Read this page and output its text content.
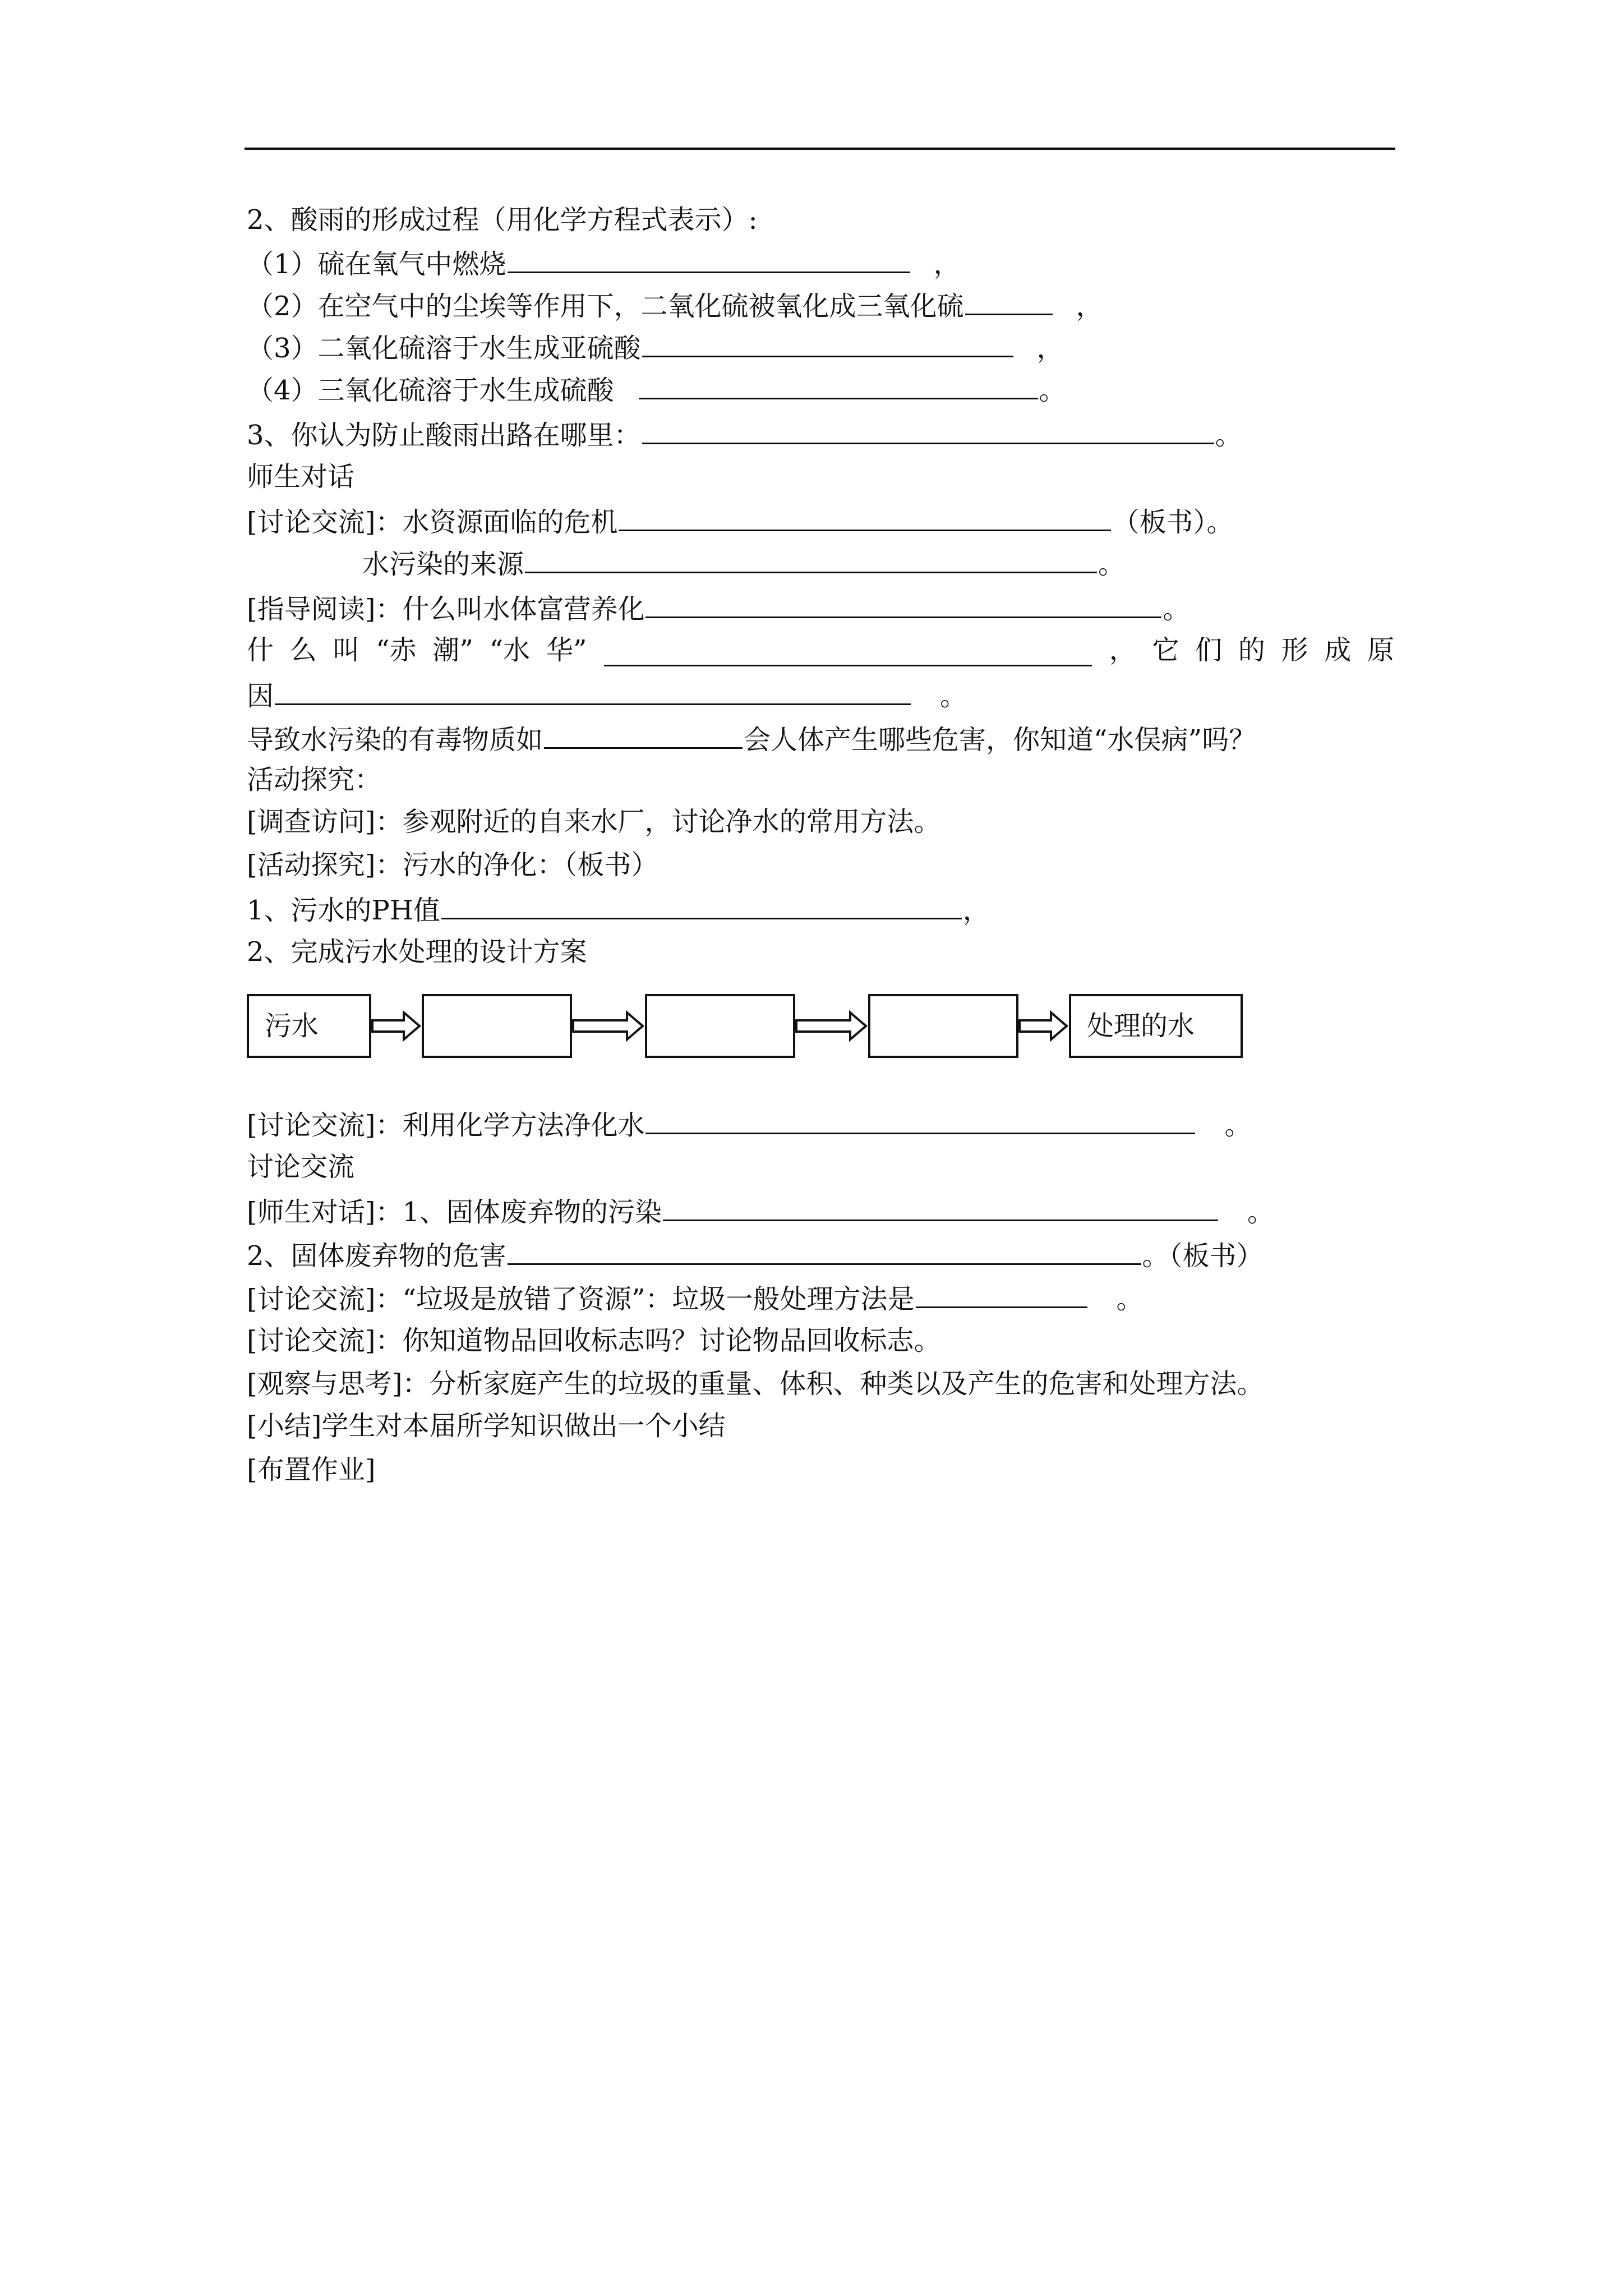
2、酸雨的形成过程（用化学方程式表示）:
（1）硫在氧气中燃烧	，
（2）在空气中的尘埃等作用下，二氧化硫被氧化成三氧化硫	，
（3）二氧化硫溶于水生成亚硫酸	，
（4）三氧化硫溶于水生成硫酸	。
3、你认为防止酸雨出路在哪里：	。
师生对话
[讨论交流]：水资源面临的危机	（板书）。
水污染的来源	。
[指导阅读]：什么叫水体富营养化	。
什 么 叫 “赤 潮” “水 华”	， 它 们 的 形 成 原
因	。
导致水污染的有毒物质如	会人体产生哪些危害，你知道“水俣病”吗？
活动探究：
[调查访问]：参观附近的自来水厂，讨论净水的常用方法。
[活动探究]：污水的净化：（板书）
1、污水的PH值	，
2、完成污水处理的设计方案
污水	处理的水
[讨论交流]：利用化学方法净化水	。
讨论交流
[师生对话]：1、固体废弃物的污染	。
2、固体废弃物的危害	。（板书）
[讨论交流]：“垃圾是放错了资源”：垃圾一般处理方法是	。
[讨论交流]：你知道物品回收标志吗？讨论物品回收标志。
[观察与思考]：分析家庭产生的垃圾的重量、体积、种类以及产生的危害和处理方法。
[小结]学生对本届所学知识做出一个小结
[布置作业]
